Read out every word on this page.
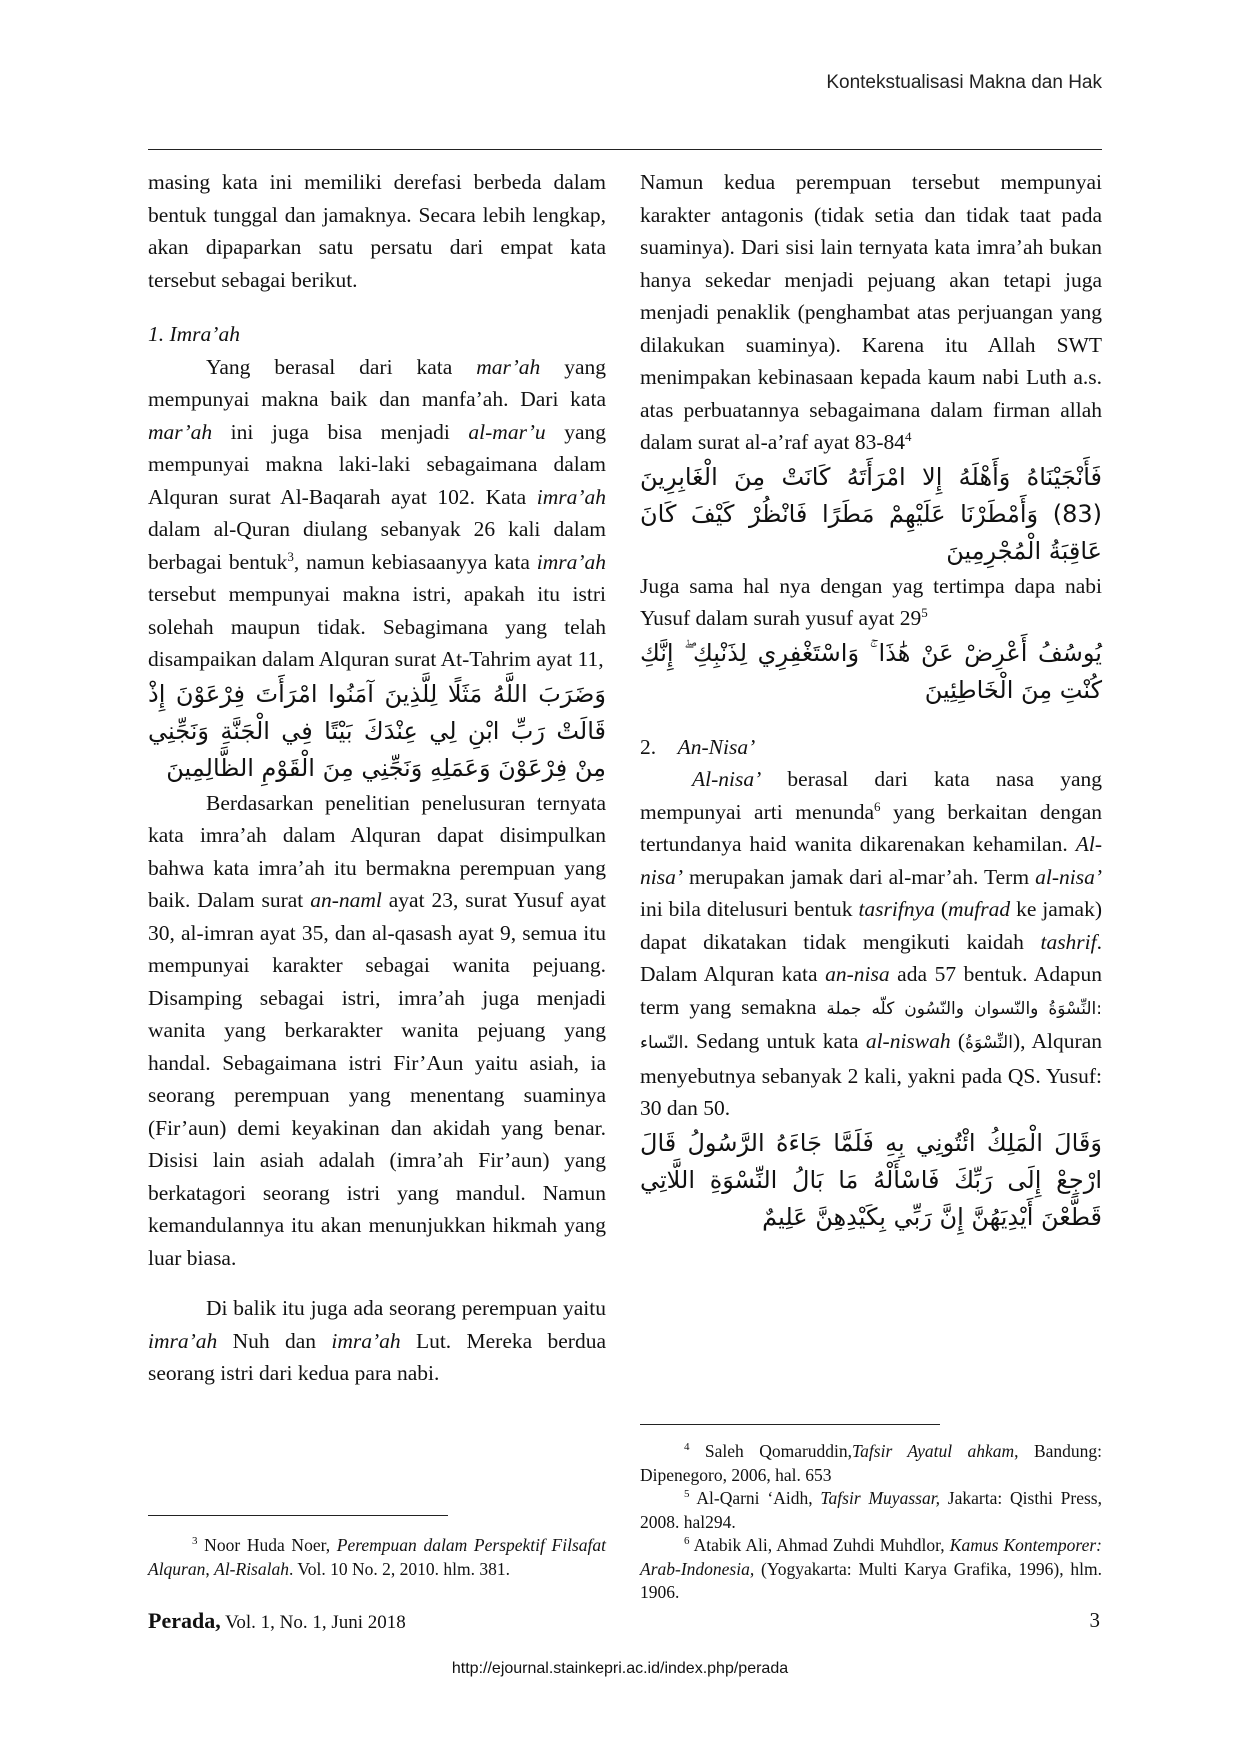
Kontekstualisasi Makna dan Hak

masing kata ini memiliki derefasi berbeda dalam bentuk tunggal dan jamaknya. Secara lebih lengkap, akan dipaparkan satu persatu dari empat kata tersebut sebagai berikut.

1. Imra’ah

Yang berasal dari kata mar’ah yang mempunyai makna baik dan manfa’ah. Dari kata mar’ah ini juga bisa menjadi al-mar’u yang mempunyai makna laki-laki sebagaimana dalam Alquran surat Al-Baqarah ayat 102. Kata imra’ah dalam al-Quran diulang sebanyak 26 kali dalam berbagai bentuk$^3$, namun kebiasaanyya kata imra’ah tersebut mempunyai makna istri, apakah itu istri solehah maupun tidak. Sebagimana yang telah disampaikan dalam Alquran surat At-Tahrim ayat 11,

وَضَرَبَ اللَّهُ مَثَلًا لِلَّذِينَ آمَنُوا امْرَأَتَ فِرْعَوْنَ إِذْ قَالَتْ رَبِّ ابْنِ لِي عِنْدَكَ بَيْتًا فِي الْجَنَّةِ وَنَجِّنِي مِنْ فِرْعَوْنَ وَعَمَلِهِ وَنَجِّنِي مِنَ الْقَوْمِ الظَّالِمِينَ

Berdasarkan penelitian penelusuran ternyata kata imra’ah dalam Alquran dapat disimpulkan bahwa kata imra’ah itu bermakna perempuan yang baik. Dalam surat an-naml ayat 23, surat Yusuf ayat 30, al-imran ayat 35, dan al-qasash ayat 9, semua itu mempunyai karakter sebagai wanita pejuang. Disamping sebagai istri, imra’ah juga menjadi wanita yang berkarakter wanita pejuang yang handal. Sebagaimana istri Fir’Aun yaitu asiah, ia seorang perempuan yang menentang suaminya (Fir’aun) demi keyakinan dan akidah yang benar. Disisi lain asiah adalah (imra’ah Fir’aun) yang berkatagori seorang istri yang mandul. Namun kemandulannya itu akan menunjukkan hikmah yang luar biasa.

Di balik itu juga ada seorang perempuan yaitu imra’ah Nuh dan imra’ah Lut. Mereka berdua seorang istri dari kedua para nabi.

Namun kedua perempuan tersebut mempunyai karakter antagonis (tidak setia dan tidak taat pada suaminya). Dari sisi lain ternyata kata imra’ah bukan hanya sekedar menjadi pejuang akan tetapi juga menjadi penaklik (penghambat atas perjuangan yang dilakukan suaminya). Karena itu Allah SWT menimpakan kebinasaan kepada kaum nabi Luth a.s. atas perbuatannya sebagaimana dalam firman allah dalam surat al-a’raf ayat $83-84^4$

فَأَنْجَيْنَاهُ وَأَهْلَهُ إِلا امْرَأَتَهُ كَانَتْ مِنَ الْغَابِرِينَ (83) وَأَمْطَرْنَا عَلَيْهِمْ مَطَرًا فَانْظُرْ كَيْفَ كَانَ عَاقِبَةُ الْمُجْرِمِينَ

Juga sama hal nya dengan yag tertimpa dapa nabi Yusuf dalam surah yusuf ayat $29^5$

يُوسُفُ أَعْرِضْ عَنْ هَٰذَا ۚ وَاسْتَغْفِرِي لِذَنْبِكِ ۖ إِنَّكِ كُنْتِ مِنَ الْخَاطِئِينَ

2. An-Nisa’

Al-nisa’ berasal dari kata nasa yang mempunyai arti menunda$^6$ yang berkaitan dengan tertundanya haid wanita dikarenakan kehamilan. Al-nisa’ merupakan jamak dari al-mar’ah. Term al-nisa’ ini bila ditelusuri bentuk tasrifnya (mufrad ke jamak) dapat dikatakan tidak mengikuti kaidah tashrif. Dalam Alquran kata an-nisa ada 57 bentuk. Adapun term yang semakna :النِّسْوَةُ والنّسوان والنّسُون كلّه جملة النّساء. Sedang untuk kata al-niswah (النِّسْوَةُ), Alquran menyebutnya sebanyak 2 kali, yakni pada QS. Yusuf: 30 dan 50.

وَقَالَ الْمَلِكُ ائْتُونِي بِهِ فَلَمَّا جَاءَهُ الرَّسُولُ قَالَ ارْجِعْ إِلَى رَبِّكَ فَاسْأَلْهُ مَا بَالُ النِّسْوَةِ اللَّاتِي قَطَّعْنَ أَيْدِيَهُنَّ إِنَّ رَبِّي بِكَيْدِهِنَّ عَلِيمٌ

$^3$ Noor Huda Noer, Perempuan dalam Perspektif Filsafat Alquran, Al-Risalah. Vol. 10 No. 2, 2010. hlm. 381.

$^4$ Saleh Qomaruddin,Tafsir Ayatul ahkam, Bandung: Dipenegoro, 2006, hal. 653

$^5$ Al-Qarni ‘Aidh, Tafsir Muyassar, Jakarta: Qisthi Press, 2008. hal294.

$^6$ Atabik Ali, Ahmad Zuhdi Muhdlor, Kamus Kontemporer: Arab-Indonesia, (Yogyakarta: Multi Karya Grafika, 1996), hlm. 1906.

Perada, Vol. 1, No. 1, Juni 2018	3
http://ejournal.stainkepri.ac.id/index.php/perada
